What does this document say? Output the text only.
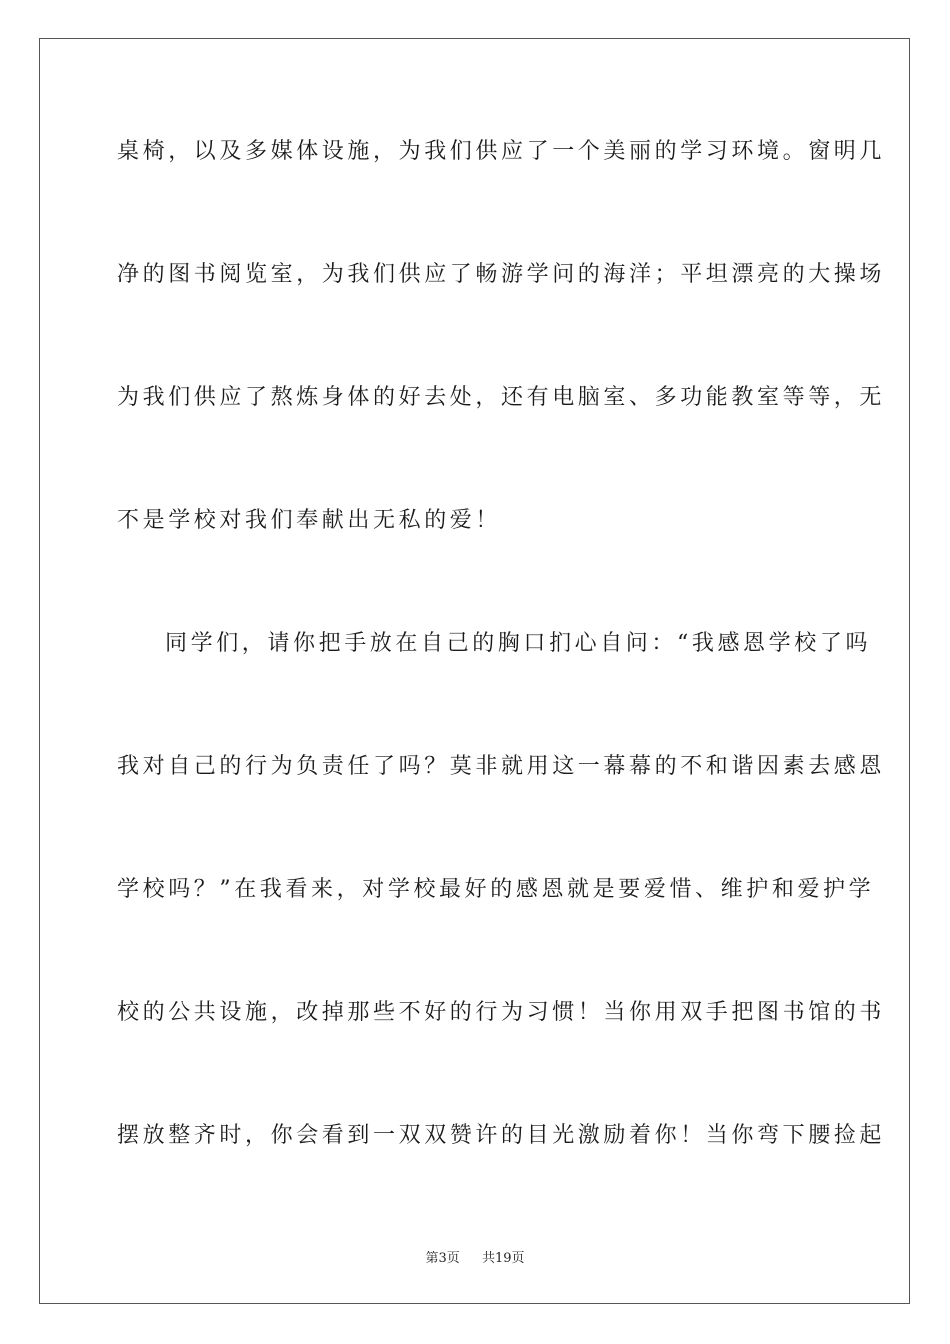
桌椅，以及多媒体设施，为我们供应了一个美丽的学习环境。窗明几
净的图书阅览室，为我们供应了畅游学问的海洋；平坦漂亮的大操场
为我们供应了熬炼身体的好去处，还有电脑室、多功能教室等等，无
不是学校对我们奉献出无私的爱！
同学们，请你把手放在自己的胸口扪心自问：“我感恩学校了吗
我对自己的行为负责任了吗？莫非就用这一幕幕的不和谐因素去感恩
学校吗？”在我看来，对学校最好的感恩就是要爱惜、维护和爱护学
校的公共设施，改掉那些不好的行为习惯！当你用双手把图书馆的书
摆放整齐时，你会看到一双双赞许的目光激励着你！当你弯下腰捡起
第3页 共19页
